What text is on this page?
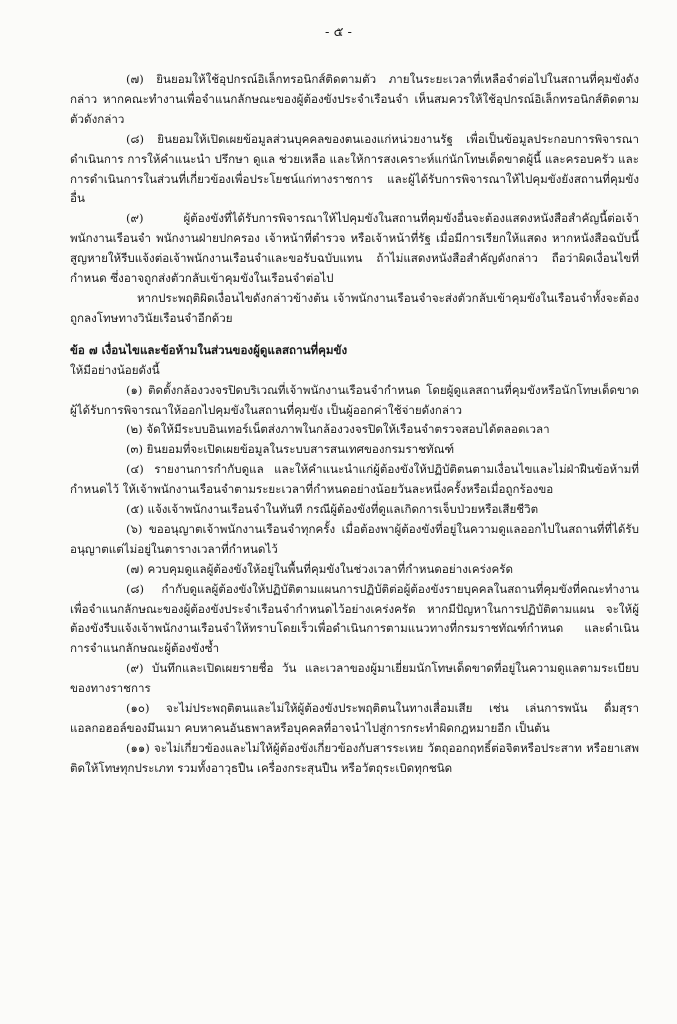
- ๕ -

(๗) ยินยอมให้ใช้อุปกรณ์อิเล็กทรอนิกส์ติดตามตัว ภายในระยะเวลาที่เหลือจำต่อไปในสถานที่คุมขังดังกล่าว หากคณะทำงานเพื่อจำแนกลักษณะของผู้ต้องขังประจำเรือนจำ เห็นสมควรให้ใช้อุปกรณ์อิเล็กทรอนิกส์ติดตามตัวดังกล่าว

(๘) ยินยอมให้เปิดเผยข้อมูลส่วนบุคคลของตนเองแก่หน่วยงานรัฐ เพื่อเป็นข้อมูลประกอบการพิจารณาดำเนินการ การให้คำแนะนำ ปรึกษา ดูแล ช่วยเหลือ และให้การสงเคราะห์แก่นักโทษเด็ดขาดผู้นี้ และครอบครัว และการดำเนินการในส่วนที่เกี่ยวข้องเพื่อประโยชน์แก่ทางราชการ และผู้ได้รับการพิจารณาให้ไปคุมขังยังสถานที่คุมขังอื่น

(๙) ผู้ต้องขังที่ได้รับการพิจารณาให้ไปคุมขังในสถานที่คุมขังอื่นจะต้องแสดงหนังสือสำคัญนี้ต่อเจ้าพนักงานเรือนจำ พนักงานฝ่ายปกครอง เจ้าหน้าที่ตำรวจ หรือเจ้าหน้าที่รัฐ เมื่อมีการเรียกให้แสดง หากหนังสือฉบับนี้สูญหายให้รีบแจ้งต่อเจ้าพนักงานเรือนจำและขอรับฉบับแทน ถ้าไม่แสดงหนังสือสำคัญดังกล่าว ถือว่าผิดเงื่อนไขที่กำหนด ซึ่งอาจถูกส่งตัวกลับเข้าคุมขังในเรือนจำต่อไป

หากประพฤติผิดเงื่อนไขดังกล่าวข้างต้น เจ้าพนักงานเรือนจำจะส่งตัวกลับเข้าคุมขังในเรือนจำทั้งจะต้องถูกลงโทษทางวินัยเรือนจำอีกด้วย

ข้อ ๗ เงื่อนไขและข้อห้ามในส่วนของผู้ดูแลสถานที่คุมขัง

ให้มีอย่างน้อยดังนี้

(๑) ติดตั้งกล้องวงจรปิดบริเวณที่เจ้าพนักงานเรือนจำกำหนด โดยผู้ดูแลสถานที่คุมขังหรือนักโทษเด็ดขาดผู้ได้รับการพิจารณาให้ออกไปคุมขังในสถานที่คุมขัง เป็นผู้ออกค่าใช้จ่ายดังกล่าว

(๒) จัดให้มีระบบอินเทอร์เน็ตส่งภาพในกล้องวงจรปิดให้เรือนจำตรวจสอบได้ตลอดเวลา

(๓) ยินยอมที่จะเปิดเผยข้อมูลในระบบสารสนเทศของกรมราชทัณฑ์

(๔) รายงานการกำกับดูแล และให้คำแนะนำแก่ผู้ต้องขังให้ปฏิบัติตนตามเงื่อนไขและไม่ฝ่าฝืนข้อห้ามที่กำหนดไว้ ให้เจ้าพนักงานเรือนจำตามระยะเวลาที่กำหนดอย่างน้อยวันละหนึ่งครั้งหรือเมื่อถูกร้องขอ

(๕) แจ้งเจ้าพนักงานเรือนจำในทันที กรณีผู้ต้องขังที่ดูแลเกิดการเจ็บป่วยหรือเสียชีวิต

(๖) ขออนุญาตเจ้าพนักงานเรือนจำทุกครั้ง เมื่อต้องพาผู้ต้องขังที่อยู่ในความดูแลออกไปในสถานที่ที่ได้รับอนุญาตแต่ไม่อยู่ในตารางเวลาที่กำหนดไว้

(๗) ควบคุมดูแลผู้ต้องขังให้อยู่ในพื้นที่คุมขังในช่วงเวลาที่กำหนดอย่างเคร่งครัด

(๘) กำกับดูแลผู้ต้องขังให้ปฏิบัติตามแผนการปฏิบัติต่อผู้ต้องขังรายบุคคลในสถานที่คุมขังที่คณะทำงานเพื่อจำแนกลักษณะของผู้ต้องขังประจำเรือนจำกำหนดไว้อย่างเคร่งครัด หากมีปัญหาในการปฏิบัติตามแผน จะให้ผู้ต้องขังรีบแจ้งเจ้าพนักงานเรือนจำให้ทราบโดยเร็วเพื่อดำเนินการตามแนวทางที่กรมราชทัณฑ์กำหนด และดำเนินการจำแนกลักษณะผู้ต้องขังซ้ำ

(๙) บันทึกและเปิดเผยรายชื่อ วัน และเวลาของผู้มาเยี่ยมนักโทษเด็ดขาดที่อยู่ในความดูแลตามระเบียบของทางราชการ

(๑๐) จะไม่ประพฤติตนและไม่ให้ผู้ต้องขังประพฤติตนในทางเสื่อมเสีย เช่น เล่นการพนัน ดื่มสุรา แอลกอฮอล์ของมึนเมา คบหาคนอันธพาลหรือบุคคลที่อาจนำไปสู่การกระทำผิดกฎหมายอีก เป็นต้น

(๑๑) จะไม่เกี่ยวข้องและไม่ให้ผู้ต้องขังเกี่ยวข้องกับสารระเหย วัตถุออกฤทธิ์ต่อจิตหรือประสาท หรือยาเสพติดให้โทษทุกประเภท รวมทั้งอาวุธปืน เครื่องกระสุนปืน หรือวัตถุระเบิดทุกชนิด
